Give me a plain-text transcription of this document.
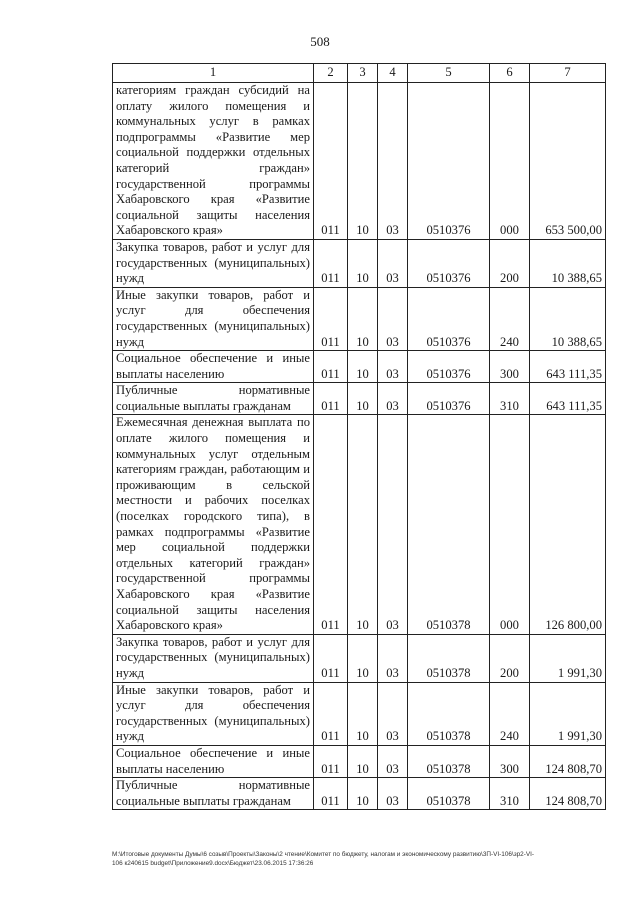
508
1	2	3	4	5	6	7
категориям граждан субсидий на оплату жилого помещения и коммунальных услуг в рамках подпрограммы «Развитие мер социальной поддержки отдельных категорий граждан» государственной программы Хабаровского края «Развитие социальной защиты населения Хабаровского края»	011	10	03	0510376	000	653 500,00
Закупка товаров, работ и услуг для государственных (муниципальных) нужд	011	10	03	0510376	200	10 388,65
Иные закупки товаров, работ и услуг для обеспечения государственных (муниципальных) нужд	011	10	03	0510376	240	10 388,65
Социальное обеспечение и иные выплаты населению	011	10	03	0510376	300	643 111,35
Публичные нормативные социальные выплаты гражданам	011	10	03	0510376	310	643 111,35
Ежемесячная денежная выплата по оплате жилого помещения и коммунальных услуг отдельным категориям граждан, работающим и проживающим в сельской местности и рабочих поселках (поселках городского типа), в рамках подпрограммы «Развитие мер социальной поддержки отдельных категорий граждан» государственной программы Хабаровского края «Развитие социальной защиты населения Хабаровского края»	011	10	03	0510378	000	126 800,00
Закупка товаров, работ и услуг для государственных (муниципальных) нужд	011	10	03	0510378	200	1 991,30
Иные закупки товаров, работ и услуг для обеспечения государственных (муниципальных) нужд	011	10	03	0510378	240	1 991,30
Социальное обеспечение и иные выплаты населению	011	10	03	0510378	300	124 808,70
Публичные нормативные социальные выплаты гражданам	011	10	03	0510378	310	124 808,70
М:\Итоговые документы Думы\6 созыв\Проекты\Законы\2 чтение\Комитет по бюджету, налогам и экономическому развитию\3П-VI-106\зр2-VI-
106 к240615 budget\Приложение9.docx\Бюджет\23.06.2015 17:36:26
